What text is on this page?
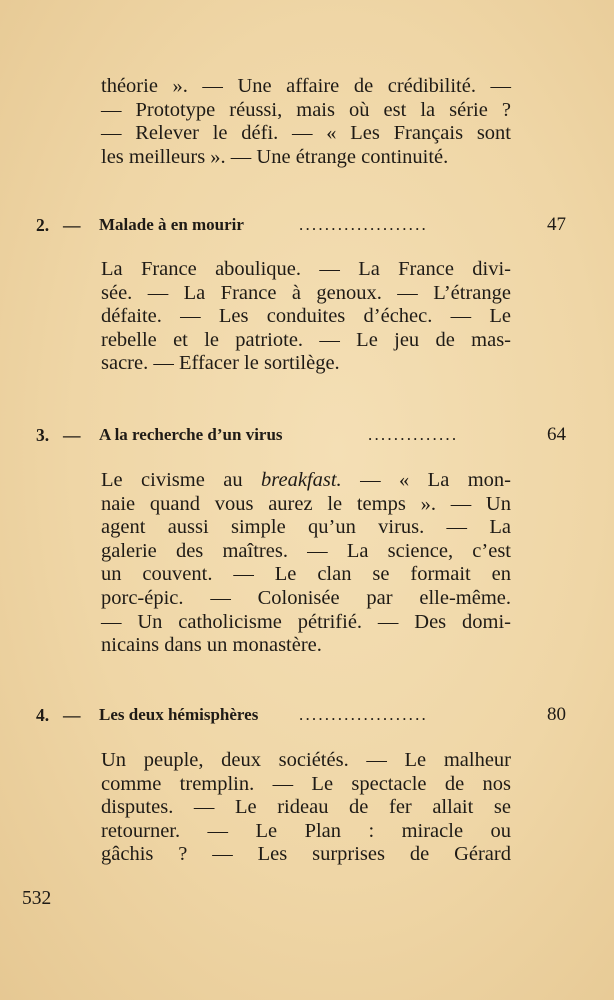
théorie ». — Une affaire de crédibilité. —
— Prototype réussi, mais où est la série ?
— Relever le défi. — « Les Français sont
les meilleurs ». — Une étrange continuité.

2. — Malade à en mourir	....................	47

La France aboulique. — La France divi-
sée. — La France à genoux. — L’étrange
défaite. — Les conduites d’échec. — Le
rebelle et le patriote. — Le jeu de mas-
sacre. — Effacer le sortilège.

3. — A la recherche d’un virus	..............	64

Le civisme au breakfast. — « La mon-
naie quand vous aurez le temps ». — Un
agent aussi simple qu’un virus. — La
galerie des maîtres. — La science, c’est
un couvent. — Le clan se formait en
porc-épic. — Colonisée par elle-même.
— Un catholicisme pétrifié. — Des domi-
nicains dans un monastère.

4. — Les deux hémisphères ....................	80

Un peuple, deux sociétés. — Le malheur
comme tremplin. — Le spectacle de nos
disputes. — Le rideau de fer allait se
retourner. — Le Plan : miracle ou
gâchis ? — Les surprises de Gérard

532
